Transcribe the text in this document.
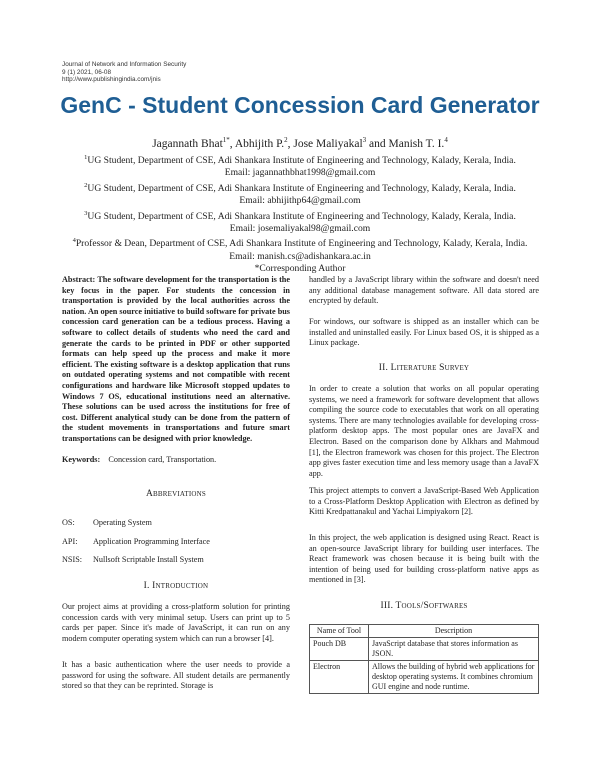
Journal of Network and Information Security
9 (1) 2021, 06-08
http://www.publishingindia.com/jnis
GenC - Student Concession Card Generator
Jagannath Bhat$^{1*}$, Abhijith P.$^2$, Jose Maliyakal$^3$ and Manish T. I.$^4$
$^1$UG Student, Department of CSE, Adi Shankara Institute of Engineering and Technology, Kalady, Kerala, India.
Email: jagannathbhat1998@gmail.com
$^2$UG Student, Department of CSE, Adi Shankara Institute of Engineering and Technology, Kalady, Kerala, India.
Email: abhijithp64@gmail.com
$^3$UG Student, Department of CSE, Adi Shankara Institute of Engineering and Technology, Kalady, Kerala, India.
Email: josemaliyakal98@gmail.com
$^4$Professor & Dean, Department of CSE, Adi Shankara Institute of Engineering and Technology, Kalady, Kerala, India.
Email: manish.cs@adishankara.ac.in
*Corresponding Author
Abstract: The software development for the transportation is the key focus in the paper. For students the concession in transportation is provided by the local authorities across the nation. An open source initiative to build software for private bus concession card generation can be a tedious process. Having a software to collect details of students who need the card and generate the cards to be printed in PDF or other supported formats can help speed up the process and make it more efficient. The existing software is a desktop application that runs on outdated operating systems and not compatible with recent configurations and hardware like Microsoft stopped updates to Windows 7 OS, educational institutions need an alternative. These solutions can be used across the institutions for free of cost. Different analytical study can be done from the pattern of the student movements in transportations and future smart transportations can be designed with prior knowledge.
Keywords: Concession card, Transportation.
Abbreviations
OS: Operating System
API: Application Programming Interface
NSIS: Nullsoft Scriptable Install System
I. Introduction
Our project aims at providing a cross-platform solution for printing concession cards with very minimal setup. Users can print up to 5 cards per paper. Since it's made of JavaScript, it can run on any modern computer operating system which can run a browser [4].
It has a basic authentication where the user needs to provide a password for using the software. All student details are permanently stored so that they can be reprinted. Storage is
handled by a JavaScript library within the software and doesn't need any additional database management software. All data stored are encrypted by default.
For windows, our software is shipped as an installer which can be installed and uninstalled easily. For Linux based OS, it is shipped as a Linux package.
II. Literature Survey
In order to create a solution that works on all popular operating systems, we need a framework for software development that allows compiling the source code to executables that work on all operating systems. There are many technologies available for developing cross-platform desktop apps. The most popular ones are JavaFX and Electron. Based on the comparison done by Alkhars and Mahmoud [1], the Electron framework was chosen for this project. The Electron app gives faster execution time and less memory usage than a JavaFX app.
This project attempts to convert a JavaScript-Based Web Application to a Cross-Platform Desktop Application with Electron as defined by Kitti Kredpattanakul and Yachai Limpiyakorn [2].
In this project, the web application is designed using React. React is an open-source JavaScript library for building user interfaces. The React framework was chosen because it is being built with the intention of being used for building cross-platform native apps as mentioned in [3].
III. Tools/Softwares
Name of Tool	Description
Pouch DB	JavaScript database that stores information as JSON.
Electron	Allows the building of hybrid web applications for desktop operating systems. It combines chromium GUI engine and node runtime.
